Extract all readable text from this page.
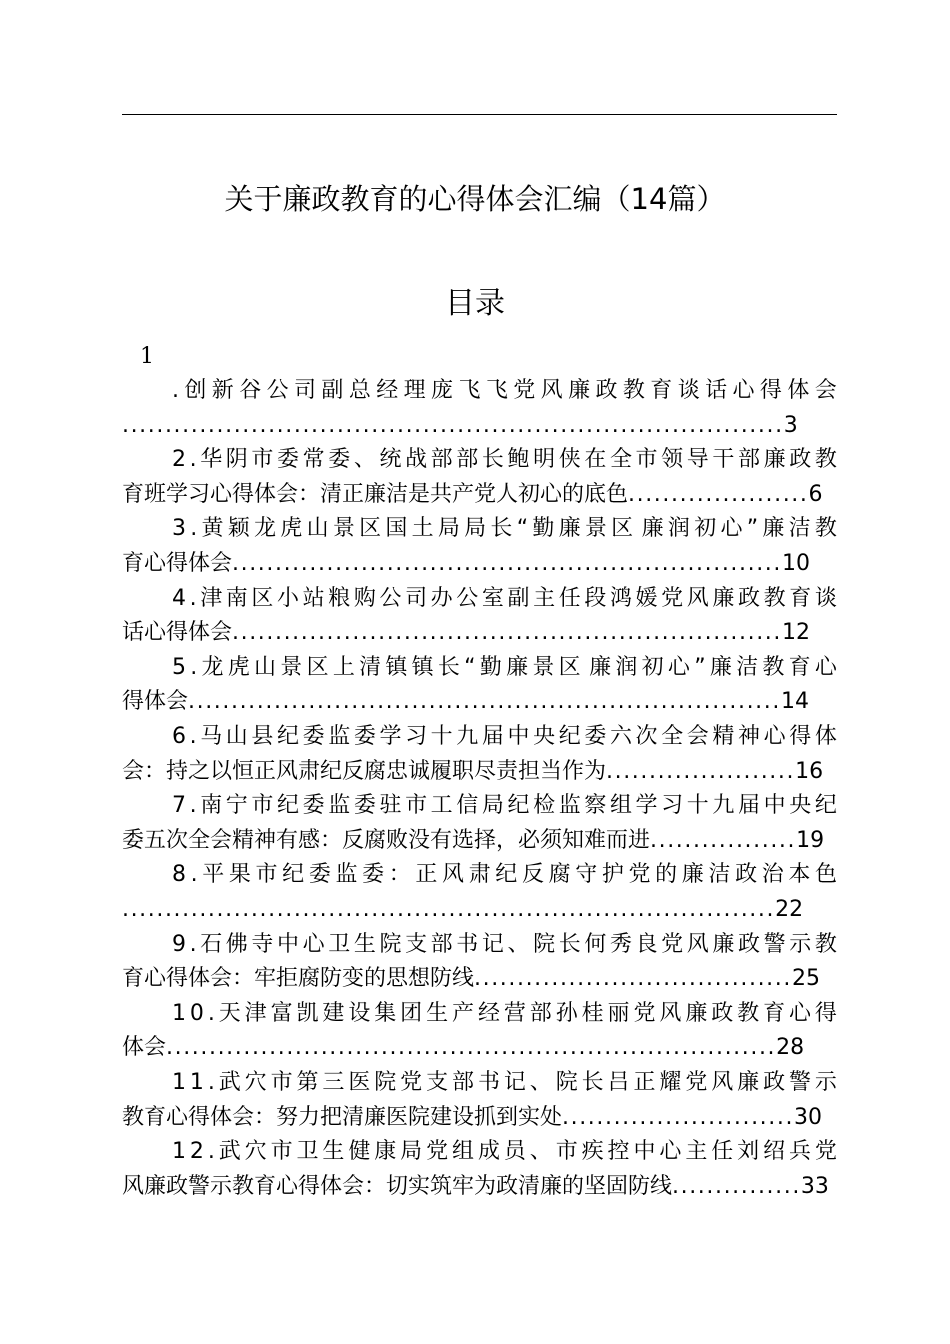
关于廉政教育的心得体会汇编（14篇）
目录
1
. 创 新 谷 公 司 副 总 经 理 庞 飞 飞 党 风 廉 政 教 育 谈 话 心 得 体 会
.............................................................................3
2 . 华 阴 市 委 常 委 、 统 战 部 部 长 鲍 明 侠 在 全 市 领 导 干 部 廉 政 教
育班学习心得体会：清正廉洁是共产党人初心的底色.....................6
3 . 黄 颖 龙 虎 山 景 区 国 土 局 局 长 “ 勤 廉 景 区 廉 润 初 心 ” 廉 洁 教
育心得体会................................................................10
4 . 津 南 区 小 站 粮 购 公 司 办 公 室 副 主 任 段 鸿 媛 党 风 廉 政 教 育 谈
话心得体会................................................................12
5 . 龙 虎 山 景 区 上 清 镇 镇 长 “ 勤 廉 景 区 廉 润 初 心 ” 廉 洁 教 育 心
得体会.....................................................................14
6 . 马 山 县 纪 委 监 委 学 习 十 九 届 中 央 纪 委 六 次 全 会 精 神 心 得 体
会：持之以恒正风肃纪反腐忠诚履职尽责担当作为......................16
7 . 南 宁 市 纪 委 监 委 驻 市 工 信 局 纪 检 监 察 组 学 习 十 九 届 中 央 纪
委五次全会精神有感：反腐败没有选择，必须知难而进.................19
8 . 平 果 市 纪 委 监 委 ： 正 风 肃 纪 反 腐 守 护 党 的 廉 洁 政 治 本 色
............................................................................22
9 . 石 佛 寺 中 心 卫 生 院 支 部 书 记 、 院 长 何 秀 良 党 风 廉 政 警 示 教
育心得体会：牢拒腐防变的思想防线.....................................25
1 0 . 天 津 富 凯 建 设 集 团 生 产 经 营 部 孙 桂 丽 党 风 廉 政 教 育 心 得
体会.......................................................................28
1 1 . 武 穴 市 第 三 医 院 党 支 部 书 记 、 院 长 吕 正 耀 党 风 廉 政 警 示
教育心得体会：努力把清廉医院建设抓到实处...........................30
1 2 . 武 穴 市 卫 生 健 康 局 党 组 成 员 、 市 疾 控 中 心 主 任 刘 绍 兵 党
风廉政警示教育心得体会：切实筑牢为政清廉的坚固防线...............33
